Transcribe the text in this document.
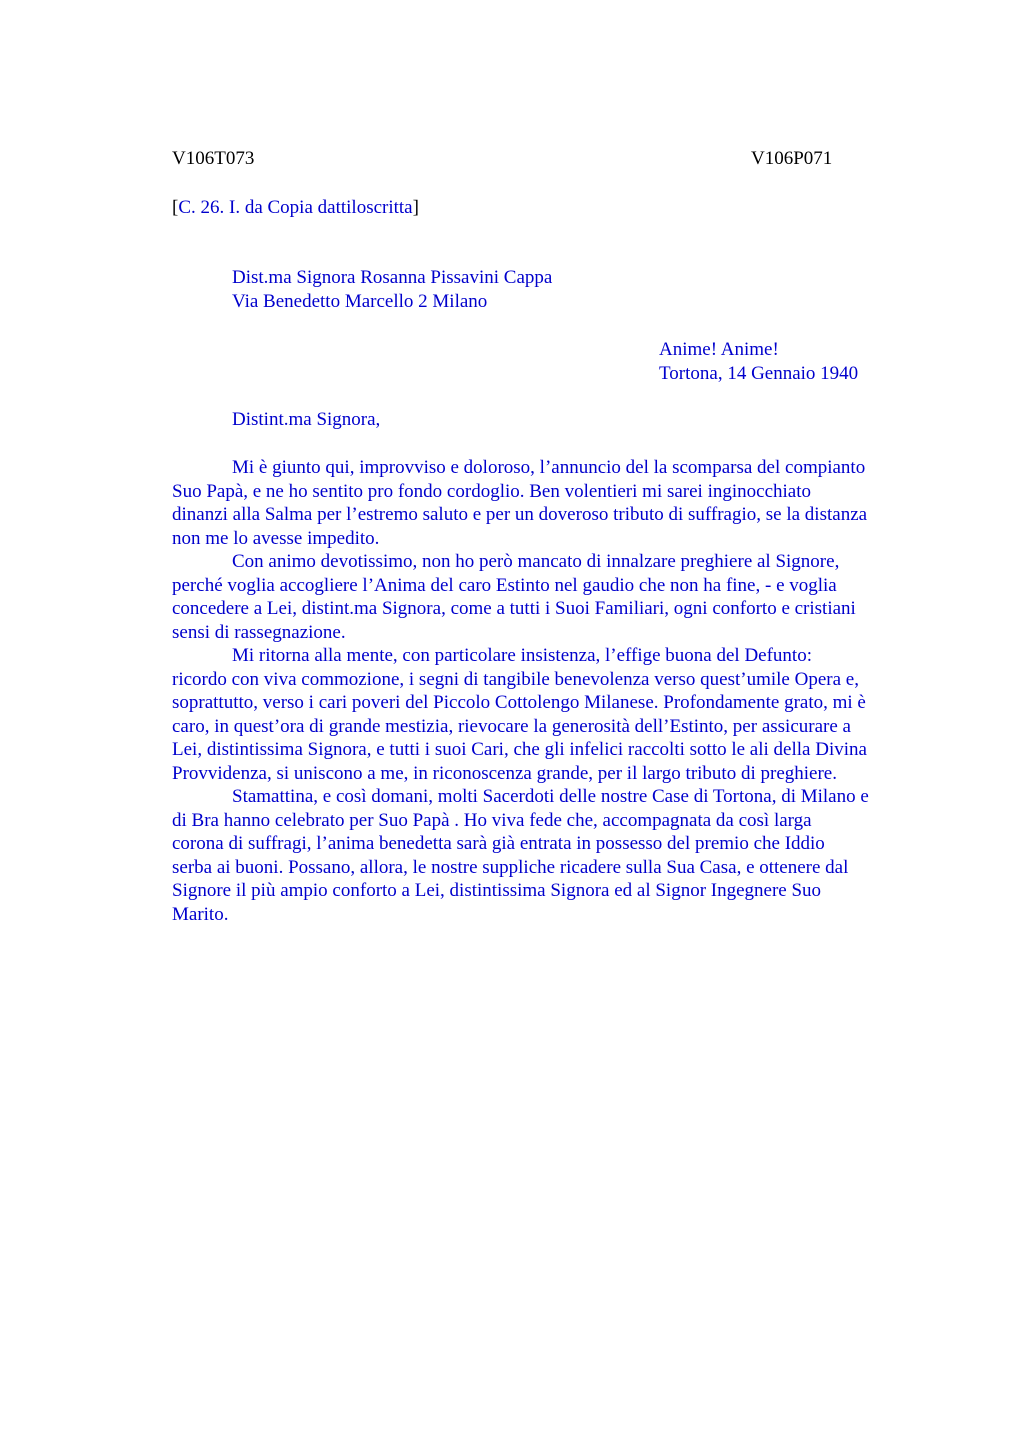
V106T073	V106P071
[C. 26. I. da Copia dattiloscritta]
Dist.ma Signora Rosanna Pissavini Cappa
Via Benedetto Marcello 2 Milano
Anime! Anime!
Tortona, 14 Gennaio 1940
Distint.ma Signora,
Mi è giunto qui, improvviso e doloroso, l’annuncio del la scomparsa del compianto
Suo Papà, e ne ho sentito pro fondo cordoglio. Ben volentieri mi sarei inginocchiato
dinanzi alla Salma per l’estremo saluto e per un doveroso tributo di suffragio, se la distanza
non me lo avesse impedito.
Con animo devotissimo, non ho però mancato di innalzare preghiere al Signore,
perché voglia accogliere l’Anima del caro Estinto nel gaudio che non ha fine, - e voglia
concedere a Lei, distint.ma Signora, come a tutti i Suoi Familiari, ogni conforto e cristiani
sensi di rassegnazione.
Mi ritorna alla mente, con particolare insistenza, l’effige buona del Defunto:
ricordo con viva commozione, i segni di tangibile benevolenza verso quest’umile Opera e,
soprattutto, verso i cari poveri del Piccolo Cottolengo Milanese. Profondamente grato, mi è
caro, in quest’ora di grande mestizia, rievocare la generosità dell’Estinto, per assicurare a
Lei, distintissima Signora, e tutti i suoi Cari, che gli infelici raccolti sotto le ali della Divina
Provvidenza, si uniscono a me, in riconoscenza grande, per il largo tributo di preghiere.
Stamattina, e così domani, molti Sacerdoti delle nostre Case di Tortona, di Milano e
di Bra hanno celebrato per Suo Papà . Ho viva fede che, accompagnata da così larga
corona di suffragi, l’anima benedetta sarà già entrata in possesso del premio che Iddio
serba ai buoni. Possano, allora, le nostre suppliche ricadere sulla Sua Casa, e ottenere dal
Signore il più ampio conforto a Lei, distintissima Signora ed al Signor Ingegnere Suo
Marito.
